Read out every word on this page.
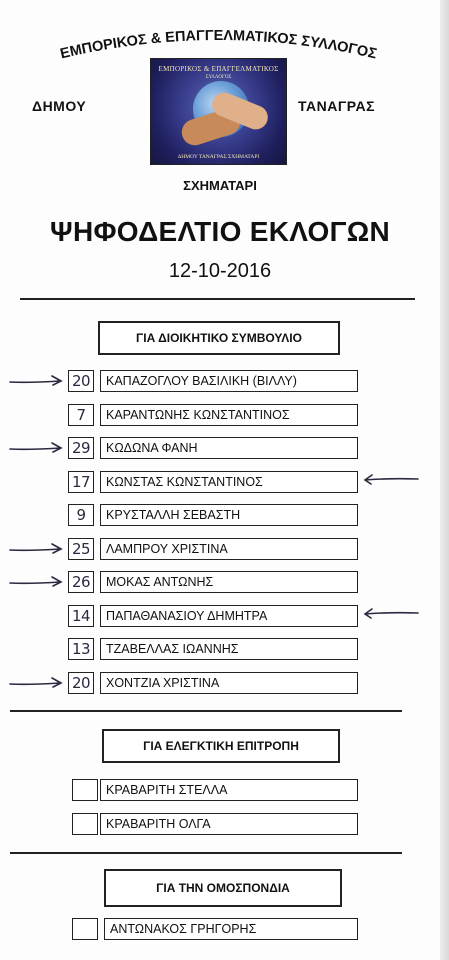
ΕΜΠΟΡΙΚΟΣ & ΕΠΑΓΓΕΛΜΑΤΙΚΟΣ ΣΥΛΛΟΓΟΣ
ΔΗΜΟΥ	ΤΑΝΑΓΡΑΣ
ΕΜΠΟΡΙΚΟΣ & ΕΠΑΓΓΕΛΜΑΤΙΚΟΣ
ΣΥΛΛΟΓΟΣ
ΔΗΜΟΥ ΤΑΝΑΓΡΑΣ ΣΧΗΜΑΤΑΡΙ
ΣΧΗΜΑΤΑΡΙ
ΨΗΦΟΔΕΛΤΙΟ ΕΚΛΟΓΩΝ
12-10-2016
ΓΙΑ ΔΙΟΙΚΗΤΙΚΟ ΣΥΜΒΟΥΛΙΟ
20	ΚΑΠΑΖΟΓΛΟΥ ΒΑΣΙΛΙΚΗ (ΒΙΛΛΥ)
7	ΚΑΡΑΝΤΩΝΗΣ ΚΩΝΣΤΑΝΤΙΝΟΣ
29	ΚΩΔΩΝΑ ΦΑΝΗ
17	ΚΩΝΣΤΑΣ ΚΩΝΣΤΑΝΤΙΝΟΣ
9	ΚΡΥΣΤΑΛΛΗ ΣΕΒΑΣΤΗ
25	ΛΑΜΠΡΟΥ ΧΡΙΣΤΙΝΑ
26	ΜΟΚΑΣ ΑΝΤΩΝΗΣ
14	ΠΑΠΑΘΑΝΑΣΙΟΥ ΔΗΜΗΤΡΑ
13	ΤΖΑΒΕΛΛΑΣ ΙΩΑΝΝΗΣ
20	ΧΟΝΤΖΙΑ ΧΡΙΣΤΙΝΑ
ΓΙΑ ΕΛΕΓΚΤΙΚΗ ΕΠΙΤΡΟΠΗ
ΚΡΑΒΑΡΙΤΗ ΣΤΕΛΛΑ
ΚΡΑΒΑΡΙΤΗ ΟΛΓΑ
ΓΙΑ ΤΗΝ ΟΜΟΣΠΟΝΔΙΑ
ΑΝΤΩΝΑΚΟΣ ΓΡΗΓΟΡΗΣ
